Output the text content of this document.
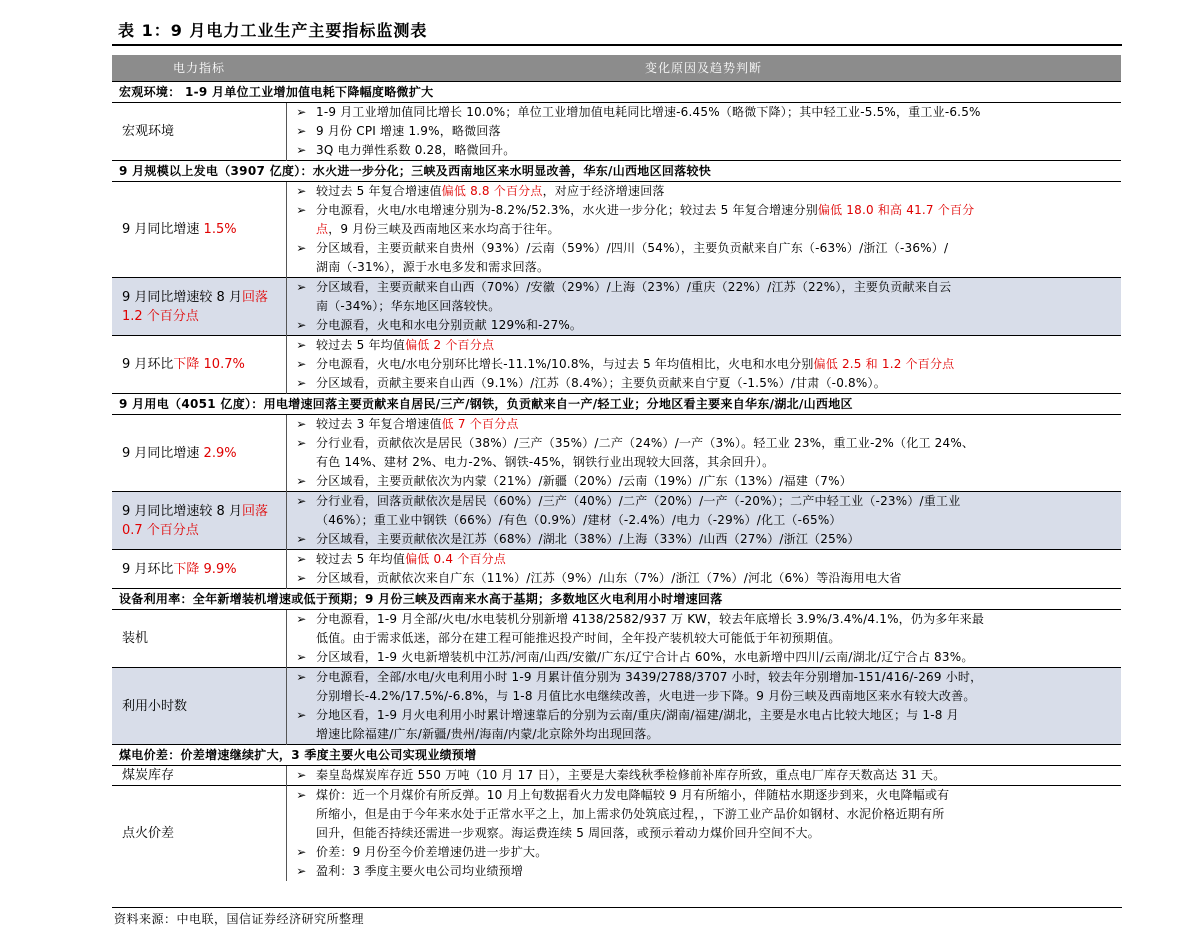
表 1：9 月电力工业生产主要指标监测表
电力指标	变化原因及趋势判断	
宏观环境： 1-9 月单位工业增加值电耗下降幅度略微扩大		
宏观环境	➢	1-9 月工业增加值同比增长 10.0%；单位工业增加值电耗同比增速-6.45%（略微下降）；其中轻工业-5.5%，重工业-6.5%
	➢	9 月份 CPI 增速 1.9%，略微回落
	➢	3Q 电力弹性系数 0.28，略微回升。
9 月规模以上发电（3907 亿度）：水火进一步分化；三峡及西南地区来水明显改善，华东/山西地区回落较快		
9 月同比增速 1.5%	➢	较过去 5 年复合增速值偏低 8.8 个百分点，对应于经济增速回落
	➢	分电源看，火电/水电增速分别为-8.2%/52.3%，水火进一步分化；较过去 5 年复合增速分别偏低 18.0 和高 41.7 个百分
		点，9 月份三峡及西南地区来水均高于往年。
	➢	分区域看，主要贡献来自贵州（93%）/云南（59%）/四川（54%），主要负贡献来自广东（-63%）/浙江（-36%）/
		湖南（-31%），源于水电多发和需求回落。
9 月同比增速较 8 月回落 1.2 个百分点	➢	分区域看，主要贡献来自山西（70%）/安徽（29%）/上海（23%）/重庆（22%）/江苏（22%），主要负贡献来自云
		南（-34%）；华东地区回落较快。
	➢	分电源看，火电和水电分别贡献 129%和-27%。
9 月环比下降 10.7%	➢	较过去 5 年均值偏低 2 个百分点
	➢	分电源看，火电/水电分别环比增长-11.1%/10.8%，与过去 5 年均值相比，火电和水电分别偏低 2.5 和 1.2 个百分点
	➢	分区域看，贡献主要来自山西（9.1%）/江苏（8.4%）；主要负贡献来自宁夏（-1.5%）/甘肃（-0.8%）。
9 月用电（4051 亿度）：用电增速回落主要贡献来自居民/三产/钢铁，负贡献来自一产/轻工业；分地区看主要来自华东/湖北/山西地区		
9 月同比增速 2.9%	➢	较过去 3 年复合增速值低 7 个百分点
	➢	分行业看，贡献依次是居民（38%）/三产（35%）/二产（24%）/一产（3%）。轻工业 23%，重工业-2%（化工 24%、
		有色 14%、建材 2%、电力-2%、钢铁-45%，钢铁行业出现较大回落，其余回升）。
	➢	分区域看，主要贡献依次为内蒙（21%）/新疆（20%）/云南（19%）/广东（13%）/福建（7%）
9 月同比增速较 8 月回落 0.7 个百分点	➢	分行业看，回落贡献依次是居民（60%）/三产（40%）/二产（20%）/一产（-20%）；二产中轻工业（-23%）/重工业
		（46%）；重工业中钢铁（66%）/有色（0.9%）/建材（-2.4%）/电力（-29%）/化工（-65%）
	➢	分区域看，主要贡献依次是江苏（68%）/湖北（38%）/上海（33%）/山西（27%）/浙江（25%）
9 月环比下降 9.9%	➢	较过去 5 年均值偏低 0.4 个百分点
	➢	分区域看，贡献依次来自广东（11%）/江苏（9%）/山东（7%）/浙江（7%）/河北（6%）等沿海用电大省
设备利用率：全年新增装机增速或低于预期；9 月份三峡及西南来水高于基期；多数地区火电利用小时增速回落		
装机	➢	分电源看，1-9 月全部/火电/水电装机分别新增 4138/2582/937 万 KW，较去年底增长 3.9%/3.4%/4.1%，仍为多年来最
		低值。由于需求低迷，部分在建工程可能推迟投产时间，全年投产装机较大可能低于年初预期值。
	➢	分区域看，1-9 火电新增装机中江苏/河南/山西/安徽/广东/辽宁合计占 60%，水电新增中四川/云南/湖北/辽宁合占 83%。
利用小时数	➢	分电源看，全部/水电/火电利用小时 1-9 月累计值分别为 3439/2788/3707 小时，较去年分别增加-151/416/-269 小时，
		分别增长-4.2%/17.5%/-6.8%，与 1-8 月值比水电继续改善，火电进一步下降。9 月份三峡及西南地区来水有较大改善。
	➢	分地区看，1-9 月火电利用小时累计增速靠后的分别为云南/重庆/湖南/福建/湖北，主要是水电占比较大地区；与 1-8 月
		增速比除福建/广东/新疆/贵州/海南/内蒙/北京除外均出现回落。
煤电价差：价差增速继续扩大，3 季度主要火电公司实现业绩预增		
煤炭库存	➢	秦皇岛煤炭库存近 550 万吨（10 月 17 日），主要是大秦线秋季检修前补库存所致，重点电厂库存天数高达 31 天。
点火价差	➢	煤价：近一个月煤价有所反弹。10 月上旬数据看火力发电降幅较 9 月有所缩小，伴随枯水期逐步到来，火电降幅或有
		所缩小，但是由于今年来水处于正常水平之上，加上需求仍处筑底过程，，下游工业产品价如钢材、水泥价格近期有所
		回升，但能否持续还需进一步观察。海运费连续 5 周回落，或预示着动力煤价回升空间不大。
	➢	价差：9 月份至今价差增速仍进一步扩大。
	➢	盈利：3 季度主要火电公司均业绩预增
资料来源：中电联，国信证券经济研究所整理
